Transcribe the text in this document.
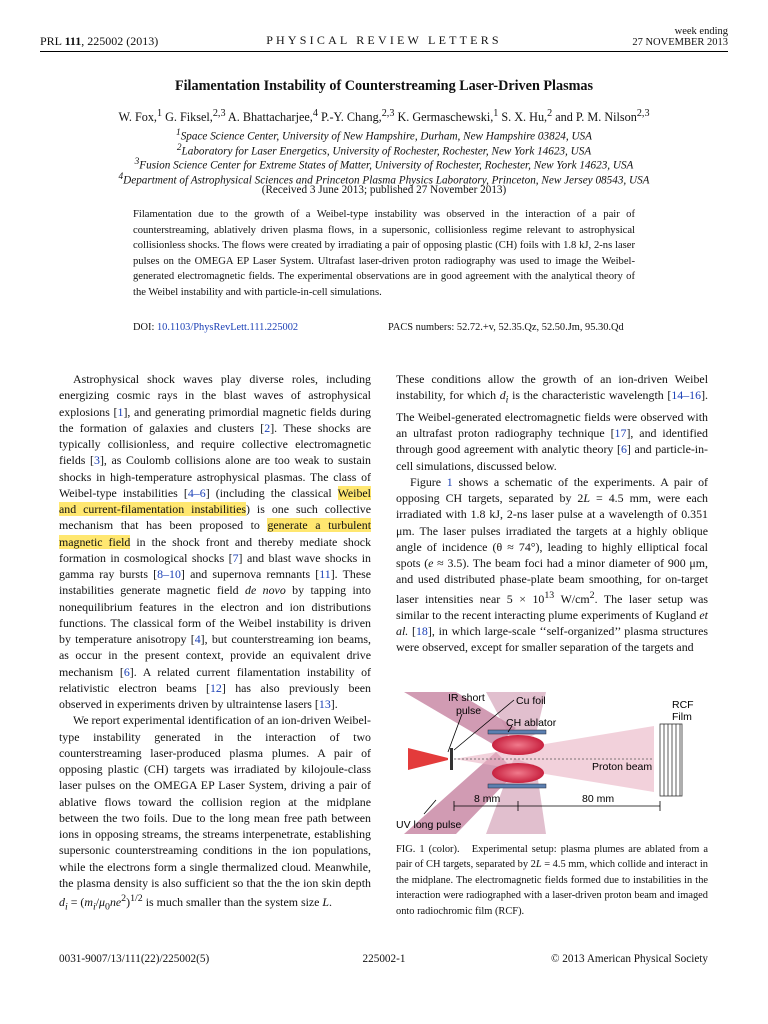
PRL 111, 225002 (2013)	PHYSICAL REVIEW LETTERS
week ending
27 NOVEMBER 2013
Filamentation Instability of Counterstreaming Laser-Driven Plasmas
W. Fox,$^1$ G. Fiksel,$^{2,3}$ A. Bhattacharjee,$^4$ P.-Y. Chang,$^{2,3}$ K. Germaschewski,$^1$ S. X. Hu,$^2$ and P. M. Nilson$^{2,3}$
$^1$Space Science Center, University of New Hampshire, Durham, New Hampshire 03824, USA
$^2$Laboratory for Laser Energetics, University of Rochester, Rochester, New York 14623, USA
$^3$Fusion Science Center for Extreme States of Matter, University of Rochester, Rochester, New York 14623, USA
$^4$Department of Astrophysical Sciences and Princeton Plasma Physics Laboratory, Princeton, New Jersey 08543, USA
(Received 3 June 2013; published 27 November 2013)
Filamentation due to the growth of a Weibel-type instability was observed in the interaction of a pair of counterstreaming, ablatively driven plasma flows, in a supersonic, collisionless regime relevant to astrophysical collisionless shocks. The flows were created by irradiating a pair of opposing plastic (CH) foils with 1.8 kJ, 2-ns laser pulses on the OMEGA EP Laser System. Ultrafast laser-driven proton radiography was used to image the Weibel-generated electromagnetic fields. The experimental observations are in good agreement with the analytical theory of the Weibel instability and with particle-in-cell simulations.
DOI: 10.1103/PhysRevLett.111.225002	PACS numbers: 52.72.+v, 52.35.Qz, 52.50.Jm, 95.30.Qd

Astrophysical shock waves play diverse roles, including energizing cosmic rays in the blast waves of astrophysical explosions [1], and generating primordial magnetic fields during the formation of galaxies and clusters [2]. These shocks are typically collisionless, and require collective electromagnetic fields [3], as Coulomb collisions alone are too weak to sustain shocks in high-temperature astrophysical plasmas. The class of Weibel-type instabilities [4–6] (including the classical Weibel and current-filamentation instabilities) is one such collective mechanism that has been proposed to generate a turbulent magnetic field in the shock front and thereby mediate shock formation in cosmological shocks [7] and blast wave shocks in gamma ray bursts [8–10] and supernova remnants [11]. These instabilities generate magnetic field de novo by tapping into nonequilibrium features in the electron and ion distributions functions. The classical form of the Weibel instability is driven by temperature anisotropy [4], but counterstreaming ion beams, as occur in the present context, provide an equivalent drive mechanism [6]. A related current filamentation instability of relativistic electron beams [12] has also previously been observed in experiments driven by ultraintense lasers [13].

We report experimental identification of an ion-driven Weibel-type instability generated in the interaction of two counterstreaming laser-produced plasma plumes. A pair of opposing plastic (CH) targets was irradiated by kilojoule-class laser pulses on the OMEGA EP Laser System, driving a pair of ablative flows toward the collision region at the midplane between the two foils. Due to the long mean free path between ions in opposing streams, the streams interpenetrate, establishing supersonic counterstreaming conditions in the ion populations, while the electrons form a single thermalized cloud. Meanwhile, the plasma density is also sufficient so that the the ion skin depth $d_i = (m_i/\mu_0ne^2)^{1/2}$ is much smaller than the system size L.

These conditions allow the growth of an ion-driven Weibel instability, for which $d_i$ is the characteristic wavelength [14–16]. The Weibel-generated electromagnetic fields were observed with an ultrafast proton radiography technique [17], and identified through good agreement with analytic theory [6] and particle-in-cell simulations, discussed below.

Figure 1 shows a schematic of the experiments. A pair of opposing CH targets, separated by 2L = 4.5 mm, were each irradiated with 1.8 kJ, 2-ns laser pulse at a wavelength of 0.351 μm. The laser pulses irradiated the targets at a highly oblique angle of incidence (θ ≈ 74°), leading to highly elliptical focal spots (e ≈ 3.5). The beam foci had a minor diameter of 900 μm, and used distributed phase-plate beam smoothing, for on-target laser intensities near $5 \times 10^{13}$ $W/cm^2$. The laser setup was similar to the recent interacting plume experiments of Kugland et al. [18], in which large-scale ‘‘self-organized’’ plasma structures were observed, except for smaller separation of the targets and

IR short
pulse
Cu foil
CH ablator
RCF
Film
Proton beam
8 mm	80 mm
UV long pulse
FIG. 1 (color). Experimental setup: plasma plumes are ablated from a pair of CH targets, separated by 2L = 4.5 mm, which collide and interact in the midplane. The electromagnetic fields formed due to instabilities in the interaction were radiographed with a laser-driven proton beam and imaged onto radiochromic film (RCF).
0031-9007/13/111(22)/225002(5)	225002-1	© 2013 American Physical Society
